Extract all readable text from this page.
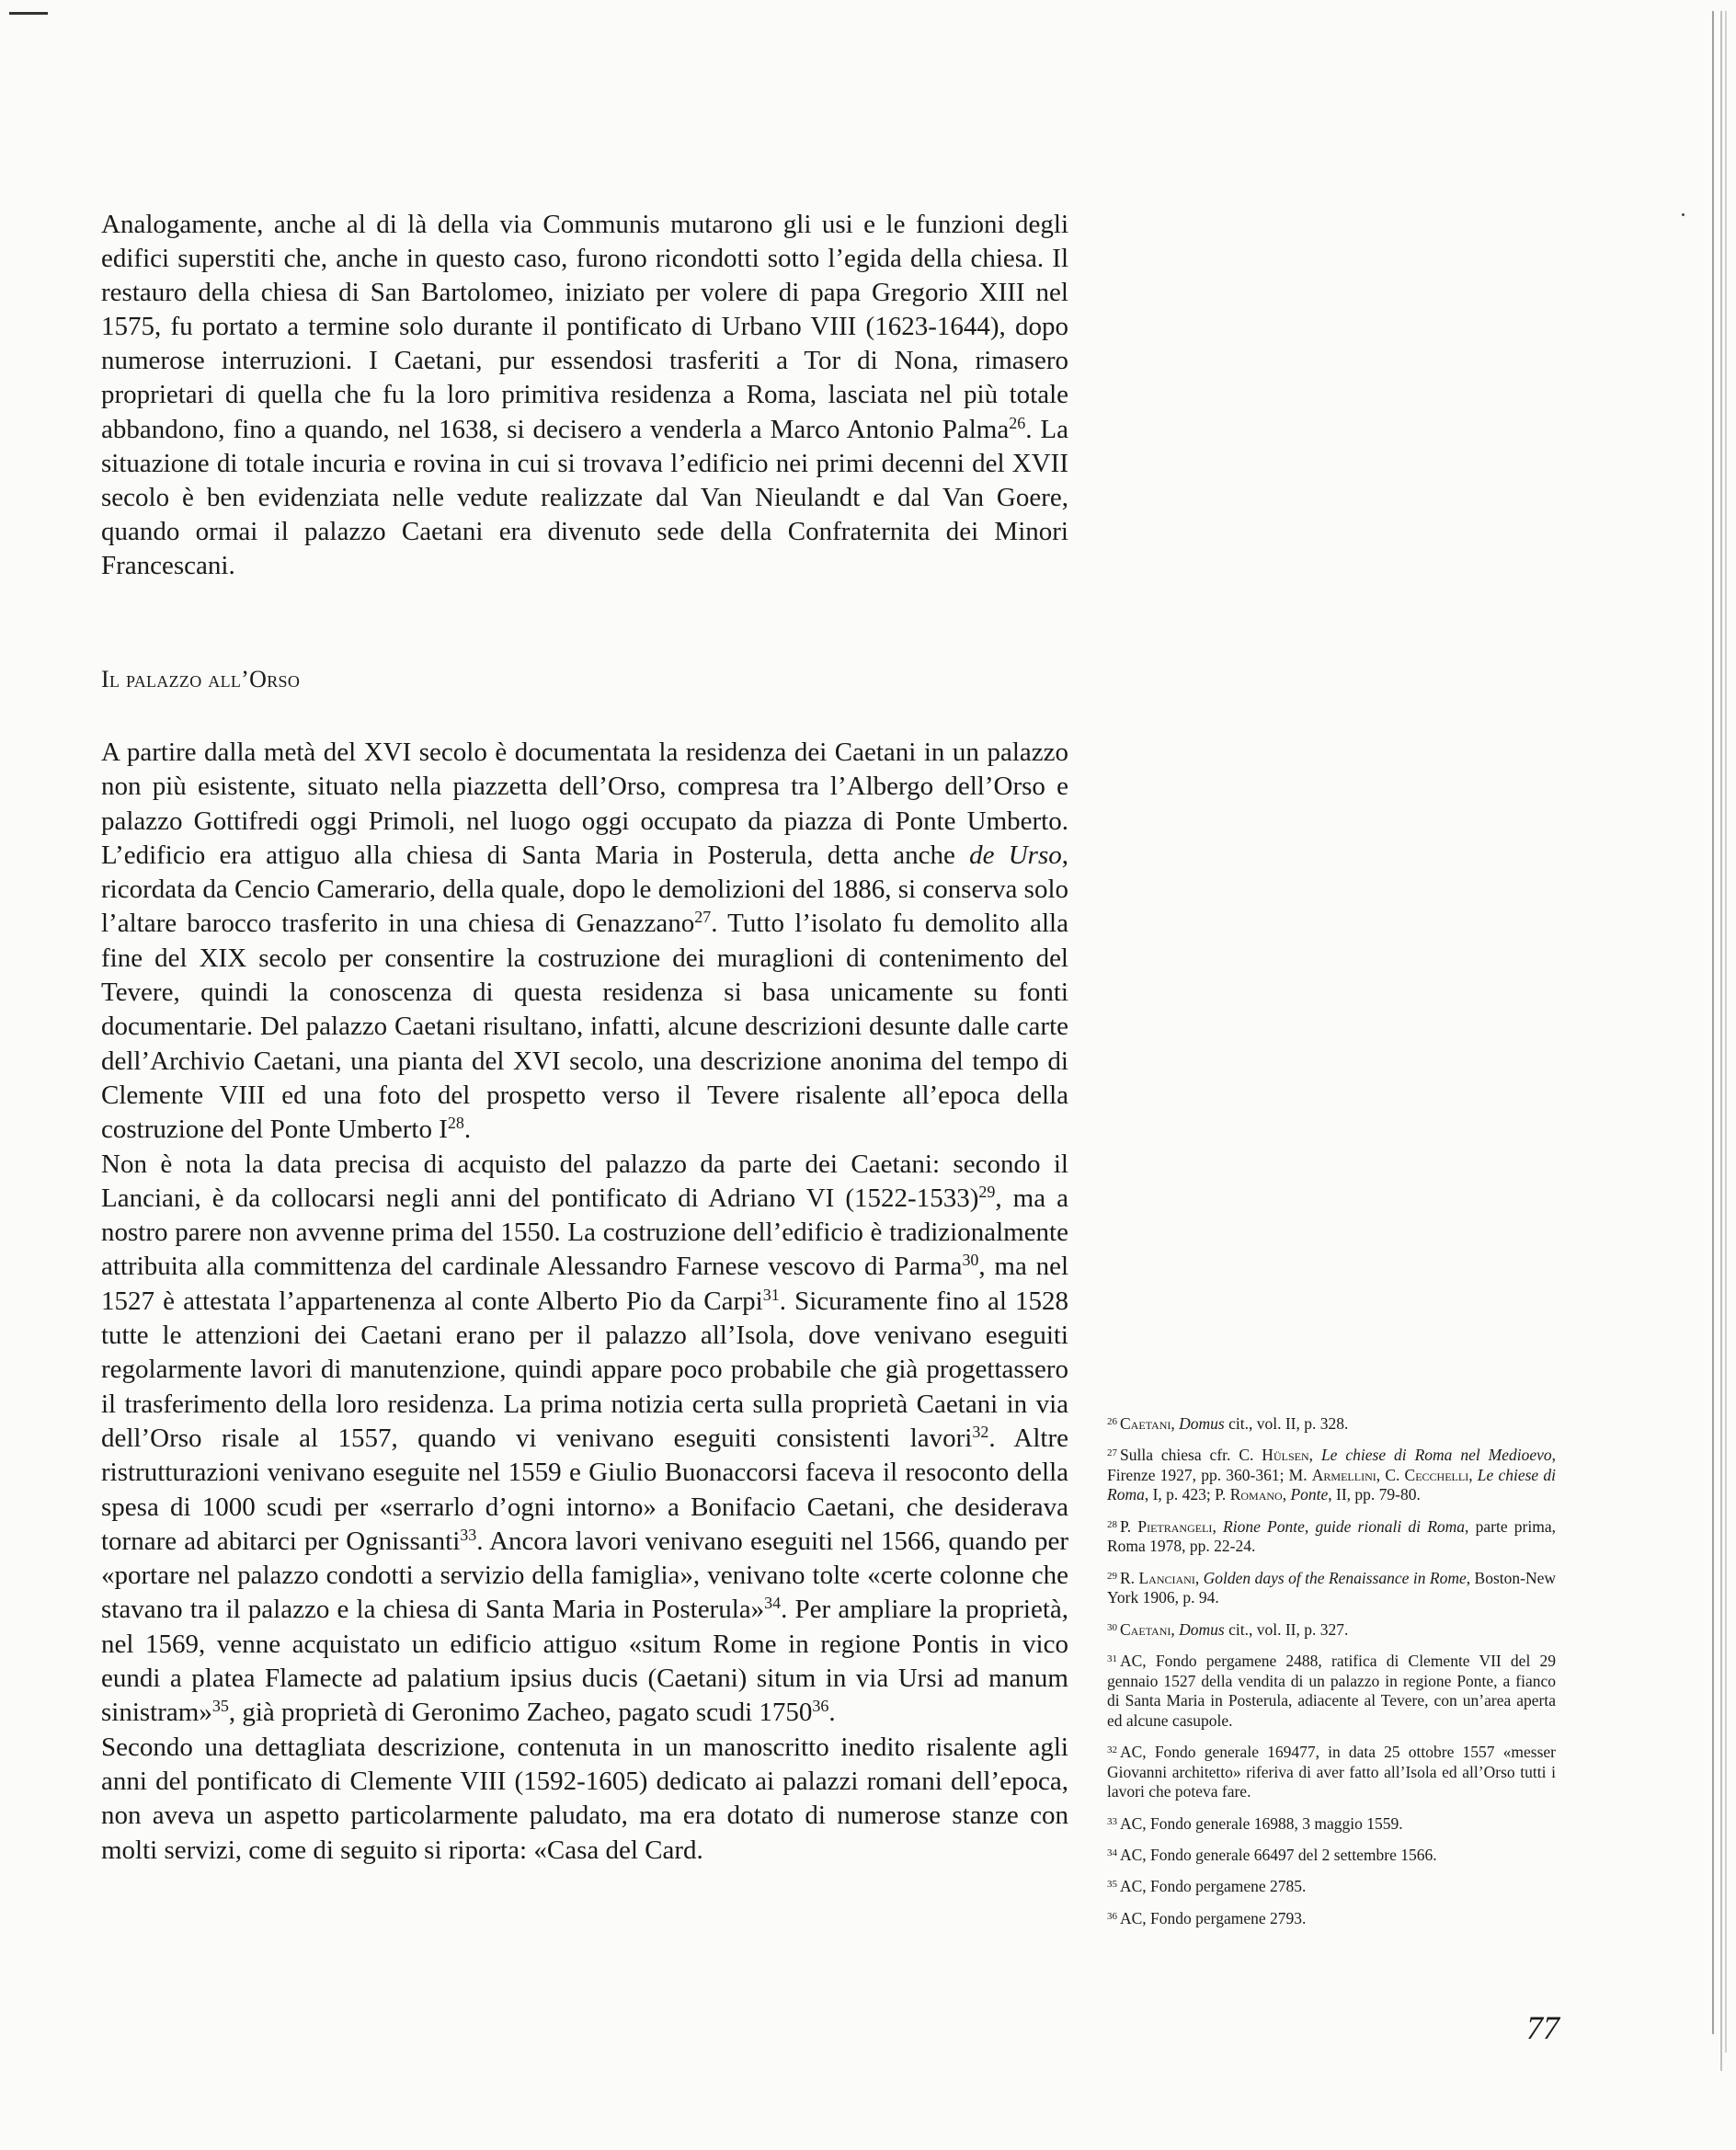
Analogamente, anche al di là della via Communis mutarono gli usi e le funzioni degli edifici superstiti che, anche in questo caso, furono ricondotti sotto l’egida della chiesa. Il restauro della chiesa di San Bartolomeo, iniziato per volere di papa Gregorio XIII nel 1575, fu portato a termine solo durante il pontificato di Urbano VIII (1623-1644), dopo numerose interruzioni. I Caetani, pur essendosi trasferiti a Tor di Nona, rimasero proprietari di quella che fu la loro primitiva residenza a Roma, lasciata nel più totale abbandono, fino a quando, nel 1638, si decisero a venderla a Marco Antonio Palma$^{26}$. La situazione di totale incuria e rovina in cui si trovava l’edificio nei primi decenni del XVII secolo è ben evidenziata nelle vedute realizzate dal Van Nieulandt e dal Van Goere, quando ormai il palazzo Caetani era divenuto sede della Confraternita dei Minori Francescani.

Il palazzo all’Orso

A partire dalla metà del XVI secolo è documentata la residenza dei Caetani in un palazzo non più esistente, situato nella piazzetta dell’Orso, compresa tra l’Albergo dell’Orso e palazzo Gottifredi oggi Primoli, nel luogo oggi occupato da piazza di Ponte Umberto. L’edificio era attiguo alla chiesa di Santa Maria in Posterula, detta anche de Urso, ricordata da Cencio Camerario, della quale, dopo le demolizioni del 1886, si conserva solo l’altare barocco trasferito in una chiesa di Genazzano$^{27}$. Tutto l’isolato fu demolito alla fine del XIX secolo per consentire la costruzione dei muraglioni di contenimento del Tevere, quindi la conoscenza di questa residenza si basa unicamente su fonti documentarie. Del palazzo Caetani risultano, infatti, alcune descrizioni desunte dalle carte dell’Archivio Caetani, una pianta del XVI secolo, una descrizione anonima del tempo di Clemente VIII ed una foto del prospetto verso il Tevere risalente all’epoca della costruzione del Ponte Umberto $I^{28}$.

Non è nota la data precisa di acquisto del palazzo da parte dei Caetani: secondo il Lanciani, è da collocarsi negli anni del pontificato di Adriano VI (1522-1533)$^{29}$, ma a nostro parere non avvenne prima del 1550. La costruzione dell’edificio è tradizionalmente attribuita alla committenza del cardinale Alessandro Farnese vescovo di Parma$^{30}$, ma nel 1527 è attestata l’appartenenza al conte Alberto Pio da Carpi$^{31}$. Sicuramente fino al 1528 tutte le attenzioni dei Caetani erano per il palazzo all’Isola, dove venivano eseguiti regolarmente lavori di manutenzione, quindi appare poco probabile che già progettassero il trasferimento della loro residenza. La prima notizia certa sulla proprietà Caetani in via dell’Orso risale al 1557, quando vi venivano eseguiti consistenti lavori$^{32}$. Altre ristrutturazioni venivano eseguite nel 1559 e Giulio Buonaccorsi faceva il resoconto della spesa di 1000 scudi per «serrarlo d’ogni intorno» a Bonifacio Caetani, che desiderava tornare ad abitarci per Ognissanti$^{33}$. Ancora lavori venivano eseguiti nel 1566, quando per «portare nel palazzo condotti a servizio della famiglia», venivano tolte «certe colonne che stavano tra il palazzo e la chiesa di Santa Maria in Posterula»$^{34}$. Per ampliare la proprietà, nel 1569, venne acquistato un edificio attiguo «situm Rome in regione Pontis in vico eundi a platea Flamecte ad palatium ipsius ducis (Caetani) situm in via Ursi ad manum sinistram»$^{35}$, già proprietà di Geronimo Zacheo, pagato scudi 1750$^{36}$.

Secondo una dettagliata descrizione, contenuta in un manoscritto inedito risalente agli anni del pontificato di Clemente VIII (1592-1605) dedicato ai palazzi romani dell’epoca, non aveva un aspetto particolarmente paludato, ma era dotato di numerose stanze con molti servizi, come di seguito si riporta: «Casa del Card.

$^{26}$ Caetani, Domus cit., vol. II, p. 328.

$^{27}$ Sulla chiesa cfr. C. Hülsen, Le chiese di Roma nel Medioevo, Firenze 1927, pp. 360-361; M. Armellini, C. Cecchelli, Le chiese di Roma, I, p. 423; P. Romano, Ponte, II, pp. 79-80.

$^{28}$ P. Pietrangeli, Rione Ponte, guide rionali di Roma, parte prima, Roma 1978, pp. 22-24.

$^{29}$ R. Lanciani, Golden days of the Renaissance in Rome, Boston-New York 1906, p. 94.

$^{30}$ Caetani, Domus cit., vol. II, p. 327.

$^{31}$ AC, Fondo pergamene 2488, ratifica di Clemente VII del 29 gennaio 1527 della vendita di un palazzo in regione Ponte, a fianco di Santa Maria in Posterula, adiacente al Tevere, con un’area aperta ed alcune casupole.

$^{32}$ AC, Fondo generale 169477, in data 25 ottobre 1557 «messer Giovanni architetto» riferiva di aver fatto all’Isola ed all’Orso tutti i lavori che poteva fare.

$^{33}$ AC, Fondo generale 16988, 3 maggio 1559.

$^{34}$ AC, Fondo generale 66497 del 2 settembre 1566.

$^{35}$ AC, Fondo pergamene 2785.

$^{36}$ AC, Fondo pergamene 2793.

77
